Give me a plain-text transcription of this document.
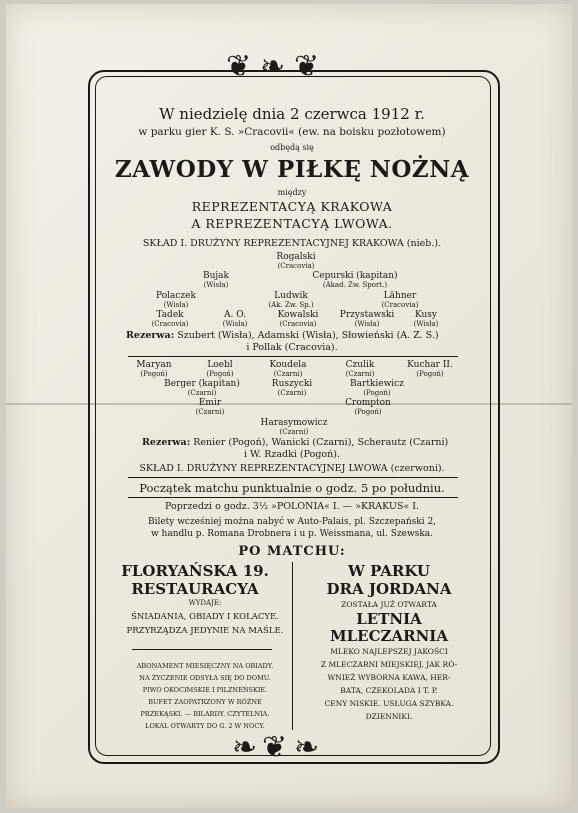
❦ ❧ ❦
❧ ❦ ❧
W niedzielę dnia 2 czerwca 1912 r.
w parku gier K. S. »Cracovii« (ew. na boisku pozłotowem)
odbędą się
ZAWODY W PIŁKĘ NOŻNĄ
między
REPREZENTACYĄ KRAKOWA
A REPREZENTACYĄ LWOWA.
SKŁAD I. DRUŻYNY REPREZENTACYJNEJ KRAKOWA (nieb.).
Rogalski
(Cracovia)
Bujak
(Wisła)
Cepurski (kapitan)
(Akad. Zw. Sport.)
Polaczek
(Wisła)
Ludwik
(Ak. Zw. Sp.)
Lähner
(Cracovia)
Tadek
(Cracovia)
A. O.
(Wisła)
Kowalski
(Cracovia)
Przystawski
(Wisła)
Kusy
(Wisła)
Rezerwa: Szubert (Wisła), Adamski (Wisła), Słowieński (A. Z. S.)
i Pollak (Cracovia).
Maryan
(Pogoń)
Loebl
(Pogoń)
Koudela
(Czarni)
Czulik
(Czarni)
Kuchar II.
(Pogoń)
Berger (kapitan)
(Czarni)
Ruszycki
(Czarni)
Bartkiewicz
(Pogoń)
Emir
(Czarni)
Crompton
(Pogoń)
Harasymowicz
(Czarni)
Rezerwa: Renier (Pogoń), Wanicki (Czarni), Scherautz (Czarni)
i W. Rzadki (Pogoń).
SKŁAD I. DRUŻYNY REPREZENTACYJNEJ LWOWA (czerwoni).
Początek matchu punktualnie o godz. 5 po południu.
Poprzedzi o godz. 3½ »POLONIA« I. — »KRAKUS« I.
Bilety wcześniej można nabyć w Auto-Palais, pl. Szczepański 2,
w handlu p. Romana Drobnera i u p. Weissmana, ul. Szewska.
PO MATCHU:
FLORYAŃSKA 19.
RESTAURACYA
WYDAJE:
ŚNIADANIA, OBIADY I KOLACYE.
PRZYRZĄDZA JEDYNIE NA MAŚLE.
ABONAMENT MIESIĘCZNY NA OBIADY.
NA ŻYCZENIE ODSYŁA SIĘ DO DOMU.
PIWO OKOCIMSKIE I PILZNEŃSKIE.
BUFET ZAOPATRZONY W RÓŻNE
PRZEKĄSKI. — BILARDY. CZYTELNIA.
LOKAL OTWARTY DO G. 2 W NOCY.
W PARKU
DRA JORDANA
ZOSTAŁA JUŻ OTWARTA
LETNIA
MLECZARNIA
MLEKO NAJLEPSZEJ JAKOŚCI
Z MLECZARNI MIEJSKIEJ, JAK RÓ-
WNIEŻ WYBORNA KAWA, HER-
BATA, CZEKOLADA I T. P.
CENY NISKIE. USŁUGA SZYBKA.
DZIENNIKI.
